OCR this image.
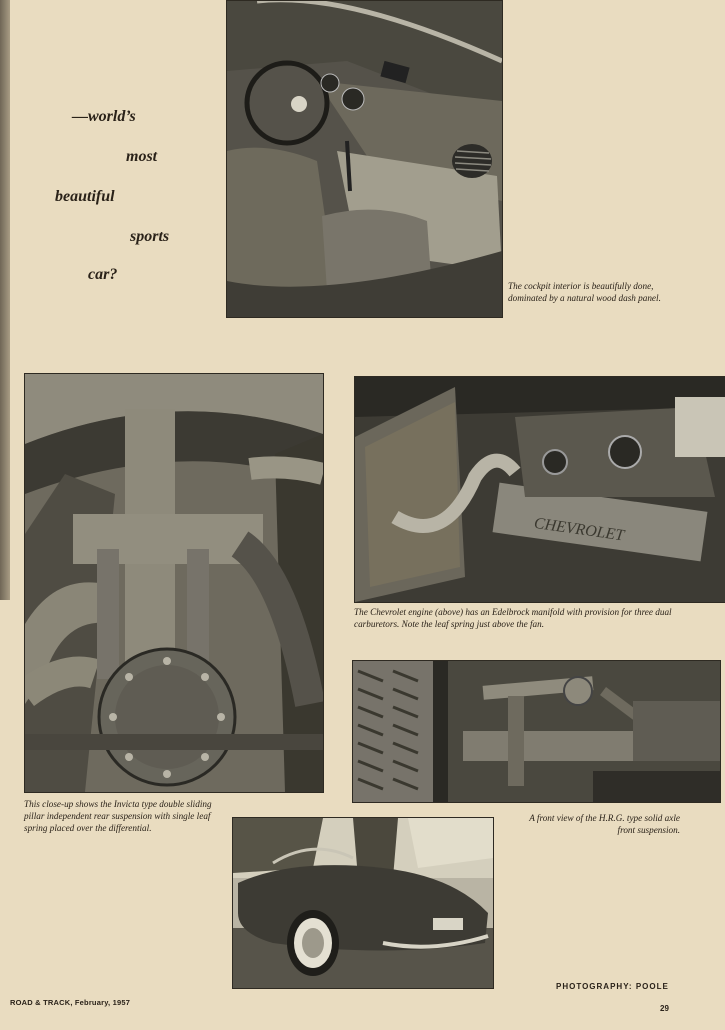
—world’s
most
beautiful
sports
car?
The cockpit interior is beautifully done, dominated by a natural wood dash panel.
This close-up shows the Invicta type double sliding pillar independent rear suspension with single leaf spring placed over the differential.
CHEVROLET
The Chevrolet engine (above) has an Edelbrock manifold with provision for three dual carburetors. Note the leaf spring just above the fan.
A front view of the H.R.G. type solid axle front suspension.
PHOTOGRAPHY: POOLE
ROAD & TRACK, February, 1957
29
